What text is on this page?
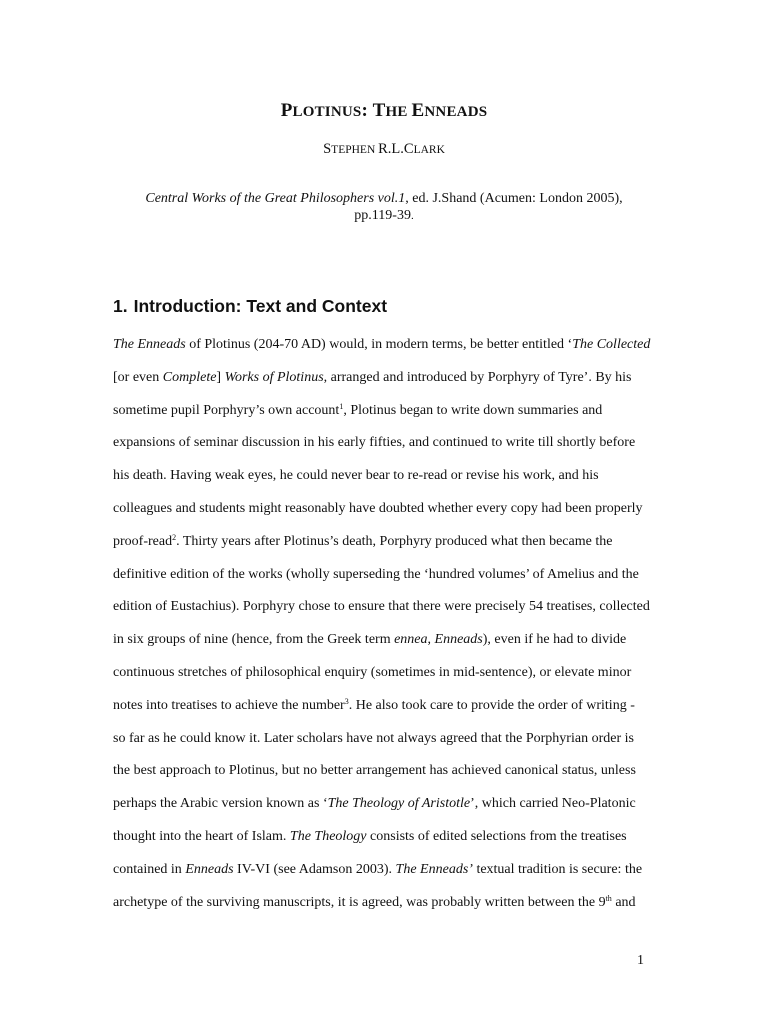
PLOTINUS: THE ENNEADS
STEPHEN R.L.CLARK
Central Works of the Great Philosophers vol.1, ed. J.Shand (Acumen: London 2005),
pp.119-39.
1. Introduction: Text and Context

The Enneads of Plotinus (204-70 AD) would, in modern terms, be better entitled ‘The Collected
[or even Complete] Works of Plotinus, arranged and introduced by Porphyry of Tyre’. By his
sometime pupil Porphyry’s own account$^1$, Plotinus began to write down summaries and
expansions of seminar discussion in his early fifties, and continued to write till shortly before
his death. Having weak eyes, he could never bear to re-read or revise his work, and his
colleagues and students might reasonably have doubted whether every copy had been properly
proof-read$^2$. Thirty years after Plotinus’s death, Porphyry produced what then became the
definitive edition of the works (wholly superseding the ‘hundred volumes’ of Amelius and the
edition of Eustachius). Porphyry chose to ensure that there were precisely 54 treatises, collected
in six groups of nine (hence, from the Greek term ennea, Enneads), even if he had to divide
continuous stretches of philosophical enquiry (sometimes in mid-sentence), or elevate minor
notes into treatises to achieve the number$^3$. He also took care to provide the order of writing -
so far as he could know it. Later scholars have not always agreed that the Porphyrian order is
the best approach to Plotinus, but no better arrangement has achieved canonical status, unless
perhaps the Arabic version known as ‘The Theology of Aristotle’, which carried Neo-Platonic
thought into the heart of Islam. The Theology consists of edited selections from the treatises
contained in Enneads IV-VI (see Adamson 2003). The Enneads’ textual tradition is secure: the
archetype of the surviving manuscripts, it is agreed, was probably written between the 9th and

1
